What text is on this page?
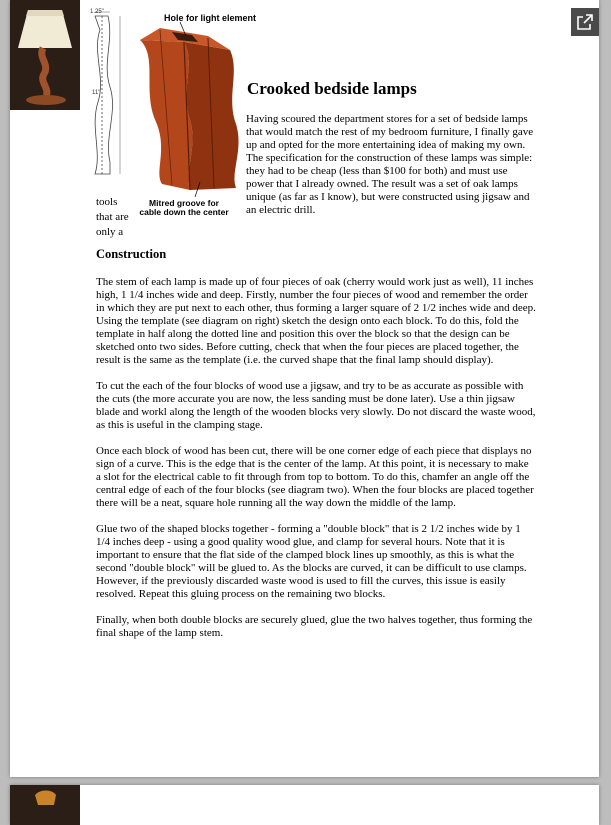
1.25"
11"
Hole for light element
Mitred groove for cable down the center
tools
that are
only a
Crooked bedside lamps

Having scoured the department stores for a set of bedside lamps that would match the rest of my bedroom furniture, I finally gave up and opted for the more entertaining idea of making my own. The specification for the construction of these lamps was simple: they had to be cheap (less than $100 for both) and must use power that I already owned. The result was a set of oak lamps unique (as far as I know), but were constructed using jigsaw and an electric drill.

Construction

The stem of each lamp is made up of four pieces of oak (cherry would work just as well), 11 inches high, 1 1/4 inches wide and deep. Firstly, number the four pieces of wood and remember the order in which they are put next to each other, thus forming a larger square of 2 1/2 inches wide and deep. Using the template (see diagram on right) sketch the design onto each block. To do this, fold the template in half along the dotted line and position this over the block so that the design can be sketched onto two sides. Before cutting, check that when the four pieces are placed together, the result is the same as the template (i.e. the curved shape that the final lamp should display).

To cut the each of the four blocks of wood use a jigsaw, and try to be as accurate as possible with the cuts (the more accurate you are now, the less sanding must be done later). Use a thin jigsaw blade and workl along the length of the wooden blocks very slowly. Do not discard the waste wood, as this is useful in the clamping stage.

Once each block of wood has been cut, there will be one corner edge of each piece that displays no sign of a curve. This is the edge that is the center of the lamp. At this point, it is necessary to make a slot for the electrical cable to fit through from top to bottom. To do this, chamfer an angle off the central edge of each of the four blocks (see diagram two). When the four blocks are placed together there will be a neat, square hole running all the way down the middle of the lamp.

Glue two of the shaped blocks together - forming a "double block" that is 2 1/2 inches wide by 1 1/4 inches deep - using a good quality wood glue, and clamp for several hours. Note that it is important to ensure that the flat side of the clamped block lines up smoothly, as this is what the second "double block" will be glued to. As the blocks are curved, it can be difficult to use clamps. However, if the previously discarded waste wood is used to fill the curves, this issue is easily resolved. Repeat this gluing process on the remaining two blocks.

Finally, when both double blocks are securely glued, glue the two halves together, thus forming the final shape of the lamp stem.
